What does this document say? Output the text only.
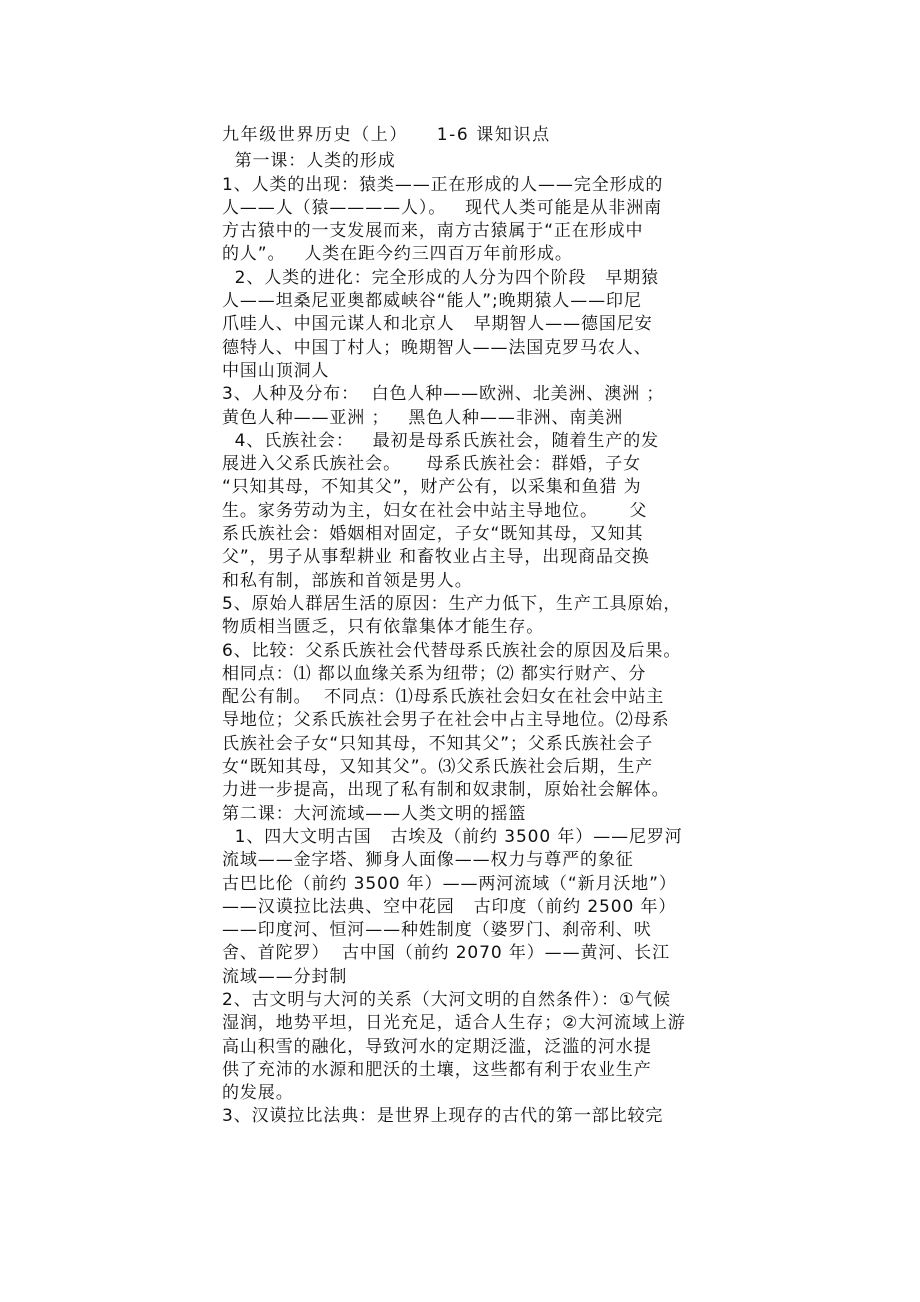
九年级世界历史（上）　　1-6 课知识点
第一课：人类的形成
1、人类的出现：猿类——正在形成的人——完全形成的
人——人（猿————人）。   现代人类可能是从非洲南
方古猿中的一支发展而来，南方古猿属于“正在形成中
的人”。   人类在距今约三四百万年前形成。
2、人类的进化：完全形成的人分为四个阶段   早期猿
人——坦桑尼亚奥都威峡谷“能人”;晚期猿人——印尼
爪哇人、中国元谋人和北京人   早期智人——德国尼安
德特人、中国丁村人；晚期智人——法国克罗马农人、
中国山顶洞人
3、人种及分布：  白色人种——欧洲、北美洲、澳洲 ；
黄色人种——亚洲 ；   黑色人种——非洲、南美洲
4、氏族社会：   最初是母系氏族社会，随着生产的发
展进入父系氏族社会。    母系氏族社会：群婚，子女
“只知其母，不知其父”，财产公有，以采集和鱼猎 为
生。家务劳动为主，妇女在社会中站主导地位。     父
系氏族社会：婚姻相对固定，子女“既知其母，又知其
父”，男子从事犁耕业 和畜牧业占主导，出现商品交换
和私有制，部族和首领是男人。
5、原始人群居生活的原因：生产力低下，生产工具原始，
物质相当匮乏，只有依靠集体才能生存。
6、比较：父系氏族社会代替母系氏族社会的原因及后果。
相同点：⑴ 都以血缘关系为纽带；⑵ 都实行财产、分
配公有制。  不同点：⑴母系氏族社会妇女在社会中站主
导地位；父系氏族社会男子在社会中占主导地位。⑵母系
氏族社会子女“只知其母，不知其父”；父系氏族社会子
女“既知其母，又知其父”。⑶父系氏族社会后期，生产
力进一步提高，出现了私有制和奴隶制，原始社会解体。
第二课：大河流域——人类文明的摇篮
1、四大文明古国   古埃及（前约 3500 年）——尼罗河
流域——金字塔、狮身人面像——权力与尊严的象征
古巴比伦（前约 3500 年）——两河流域（“新月沃地”）
——汉谟拉比法典、空中花园   古印度（前约 2500 年）
——印度河、恒河——种姓制度（婆罗门、刹帝利、吠
舍、首陀罗）  古中国（前约 2070 年）——黄河、长江
流域——分封制
2、古文明与大河的关系（大河文明的自然条件）：①气候
湿润，地势平坦，日光充足，适合人生存；②大河流域上游
高山积雪的融化，导致河水的定期泛滥，泛滥的河水提
供了充沛的水源和肥沃的土壤，这些都有利于农业生产
的发展。
3、汉谟拉比法典：是世界上现存的古代的第一部比较完
